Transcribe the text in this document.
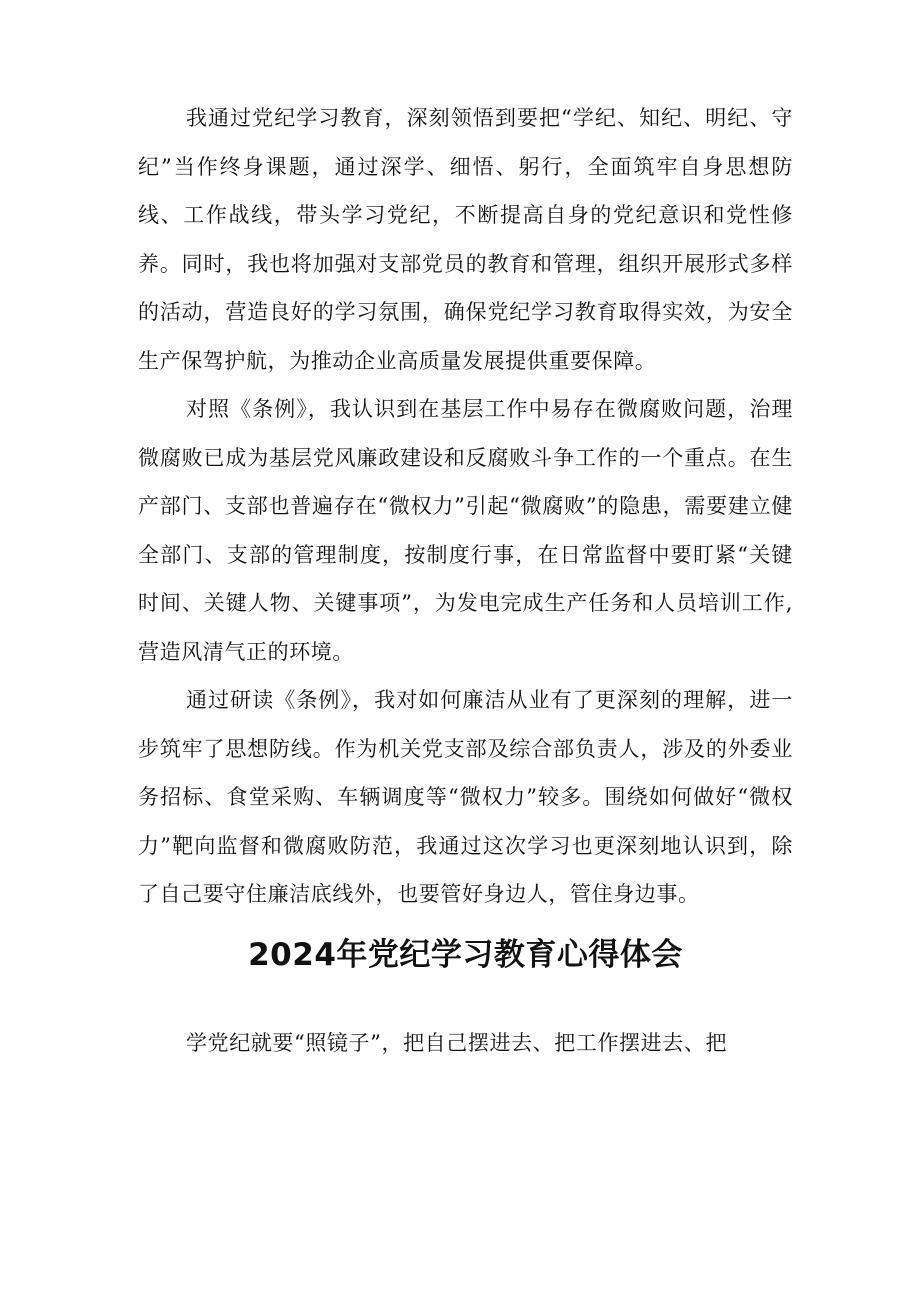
我通过党纪学习教育，深刻领悟到要把“学纪、知纪、明纪、守纪”当作终身课题，通过深学、细悟、躬行，全面筑牢自身思想防线、工作战线，带头学习党纪，不断提高自身的党纪意识和党性修养。同时，我也将加强对支部党员的教育和管理，组织开展形式多样的活动，营造良好的学习氛围，确保党纪学习教育取得实效，为安全生产保驾护航，为推动企业高质量发展提供重要保障。

对照《条例》，我认识到在基层工作中易存在微腐败问题，治理微腐败已成为基层党风廉政建设和反腐败斗争工作的一个重点。在生产部门、支部也普遍存在“微权力”引起“微腐败”的隐患，需要建立健全部门、支部的管理制度，按制度行事，在日常监督中要盯紧“关键时间、关键人物、关键事项”，为发电完成生产任务和人员培训工作,营造风清气正的环境。

通过研读《条例》，我对如何廉洁从业有了更深刻的理解，进一步筑牢了思想防线。作为机关党支部及综合部负责人，涉及的外委业务招标、食堂采购、车辆调度等“微权力”较多。围绕如何做好“微权力”靶向监督和微腐败防范，我通过这次学习也更深刻地认识到，除了自己要守住廉洁底线外，也要管好身边人，管住身边事。

2024年党纪学习教育心得体会

学党纪就要“照镜子”，把自己摆进去、把工作摆进去、把
